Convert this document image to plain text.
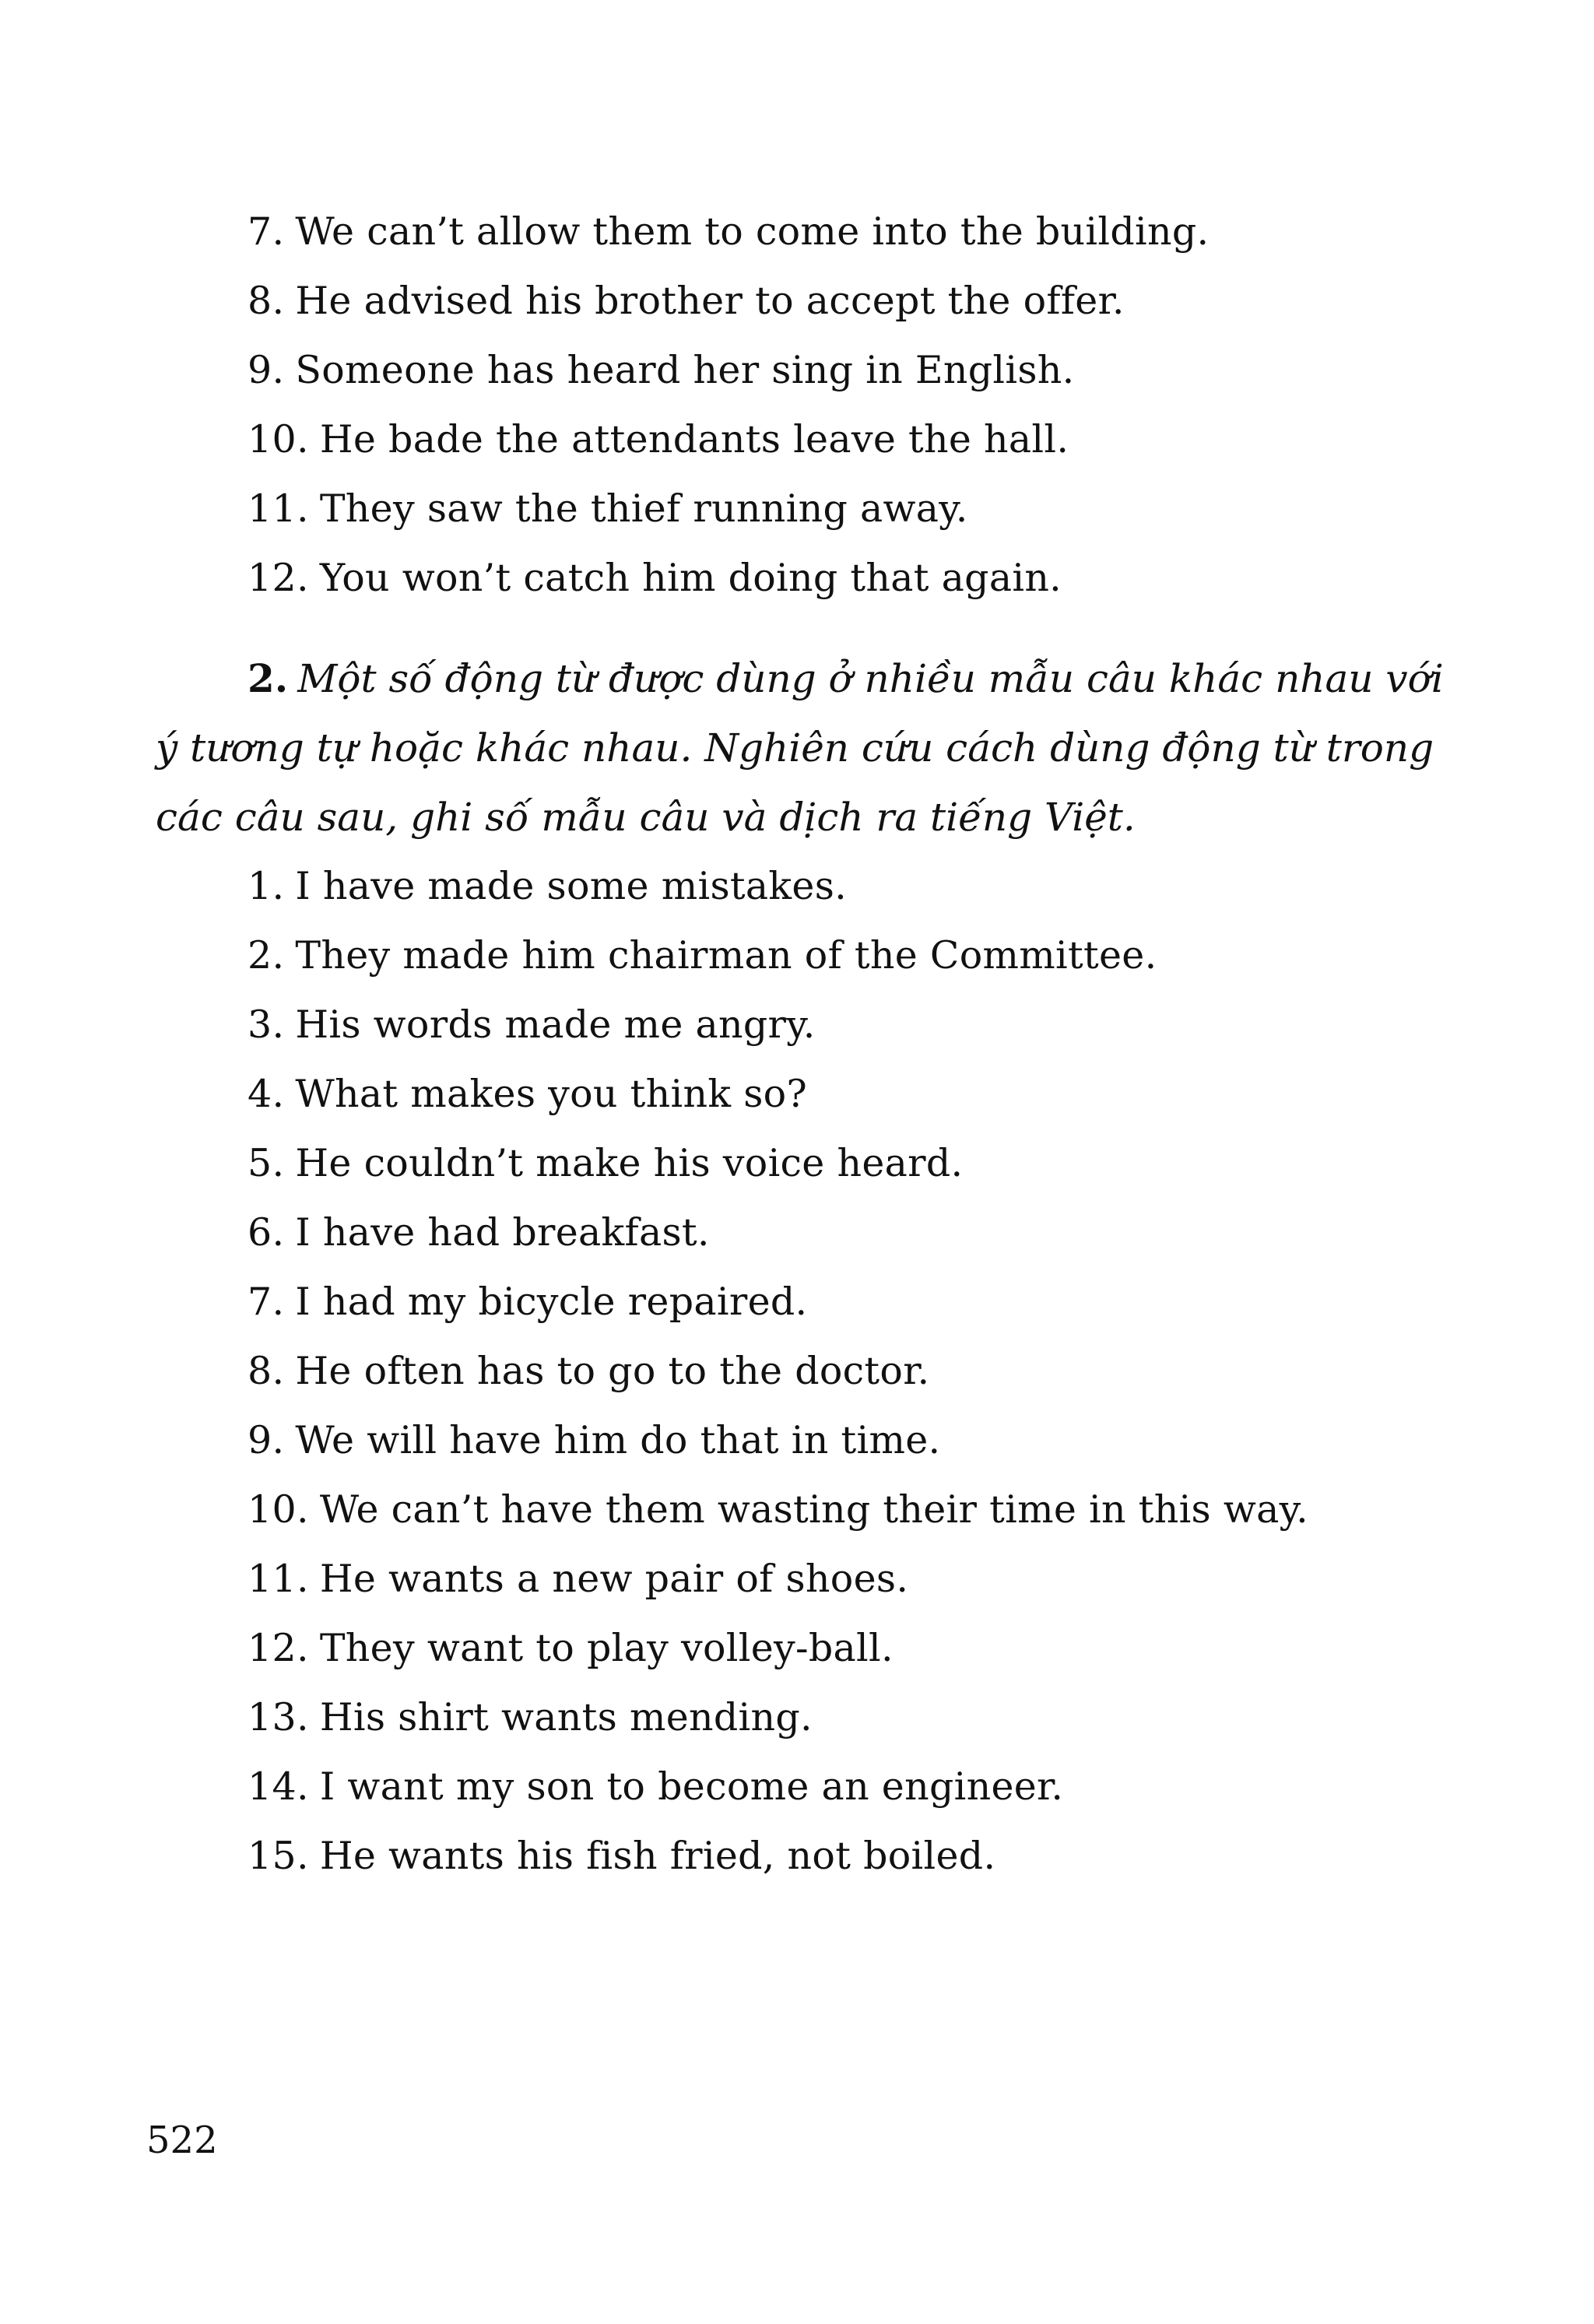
7. We can’t allow them to come into the building.
8. He advised his brother to accept the offer.
9. Someone has heard her sing in English.
10. He bade the attendants leave the hall.
11. They saw the thief running away.
12. You won’t catch him doing that again.
2. Một số động từ được dùng ở nhiều mẫu câu khác nhau với
ý tương tự hoặc khác nhau. Nghiên cứu cách dùng động từ trong
các câu sau, ghi số mẫu câu và dịch ra tiếng Việt.
1. I have made some mistakes.
2. They made him chairman of the Committee.
3. His words made me angry.
4. What makes you think so?
5. He couldn’t make his voice heard.
6. I have had breakfast.
7. I had my bicycle repaired.
8. He often has to go to the doctor.
9. We will have him do that in time.
10. We can’t have them wasting their time in this way.
11. He wants a new pair of shoes.
12. They want to play volley-ball.
13. His shirt wants mending.
14. I want my son to become an engineer.
15. He wants his fish fried, not boiled.
522
